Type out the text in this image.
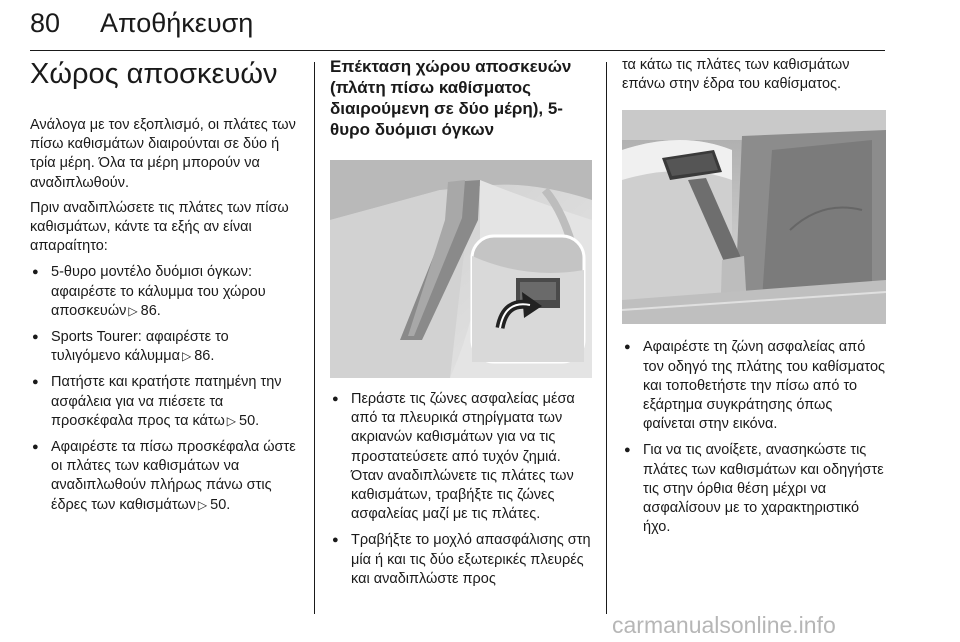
80 Αποθήκευση
Χώρος αποσκευών

Ανάλογα με τον εξοπλισμό, οι πλάτες των πίσω καθισμάτων διαιρούνται σε δύο ή τρία μέρη. Όλα τα μέρη μπορούν να αναδιπλωθούν.

Πριν αναδιπλώσετε τις πλάτες των πίσω καθισμάτων, κάντε τα εξής αν είναι απαραίτητο:

● 5-θυρο μοντέλο δυόμισι όγκων: αφαιρέστε το κάλυμμα του χώρου αποσκευών ▷ 86.
● Sports Tourer: αφαιρέστε το τυλιγόμενο κάλυμμα ▷ 86.
● Πατήστε και κρατήστε πατημένη την ασφάλεια για να πιέσετε τα προσκέφαλα προς τα κάτω ▷ 50.
● Αφαιρέστε τα πίσω προσκέφαλα ώστε οι πλάτες των καθισμάτων να αναδιπλωθούν πλήρως πάνω στις έδρες των καθισμάτων ▷ 50.
Επέκταση χώρου αποσκευών (πλάτη πίσω καθίσματος διαιρούμενη σε δύο μέρη), 5-θυρο δυόμισι όγκων
● Περάστε τις ζώνες ασφαλείας μέσα από τα πλευρικά στηρίγματα των ακριανών καθισμάτων για να τις προστατεύσετε από τυχόν ζημιά. Όταν αναδιπλώνετε τις πλάτες των καθισμάτων, τραβήξτε τις ζώνες ασφαλείας μαζί με τις πλάτες.
● Τραβήξτε το μοχλό απασφάλισης στη μία ή και τις δύο εξωτερικές πλευρές και αναδιπλώστε προς

τα κάτω τις πλάτες των καθισμάτων επάνω στην έδρα του καθίσματος.

● Αφαιρέστε τη ζώνη ασφαλείας από τον οδηγό της πλάτης του καθίσματος και τοποθετήστε την πίσω από το εξάρτημα συγκράτησης όπως φαίνεται στην εικόνα.
● Για να τις ανοίξετε, ανασηκώστε τις πλάτες των καθισμάτων και οδηγήστε τις στην όρθια θέση μέχρι να ασφαλίσουν με το χαρακτηριστικό ήχο.
carmanualsonline.info
